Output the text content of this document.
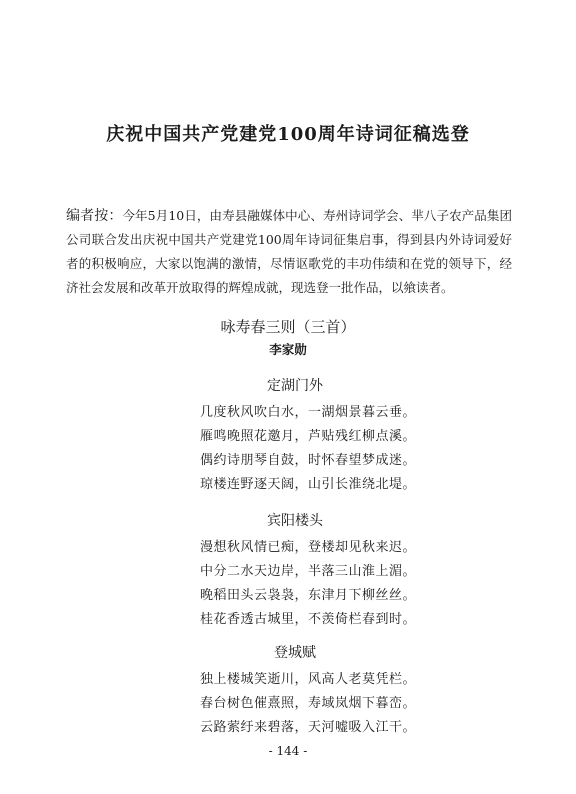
庆祝中国共产党建党100周年诗词征稿选登
编者按：今年5月10日，由寿县融媒体中心、寿州诗词学会、芈八子农产品集团公司联合发出庆祝中国共产党建党100周年诗词征集启事，得到县内外诗词爱好者的积极响应，大家以饱满的激情，尽情讴歌党的丰功伟绩和在党的领导下，经济社会发展和改革开放取得的辉煌成就，现选登一批作品，以飨读者。
咏寿春三则（三首）
李家勋
定湖门外
几度秋风吹白水，一湖烟景暮云垂。
雁鸣晚照花邀月，芦贴残红柳点溪。
偶约诗朋琴自鼓，时怀春望梦成迷。
琼楼连野逐天阔，山引长淮绕北堤。
宾阳楼头
漫想秋风情已痴，登楼却见秋来迟。
中分二水天边岸，半落三山淮上湄。
晚稻田头云袅袅，东津月下柳丝丝。
桂花香透古城里，不羡倚栏春到时。
登城赋
独上楼城笑逝川，风高人老莫凭栏。
春台树色催熹照，寿域岚烟下暮峦。
云路萦纡来碧落，天河嘘吸入江干。
- 144 -
